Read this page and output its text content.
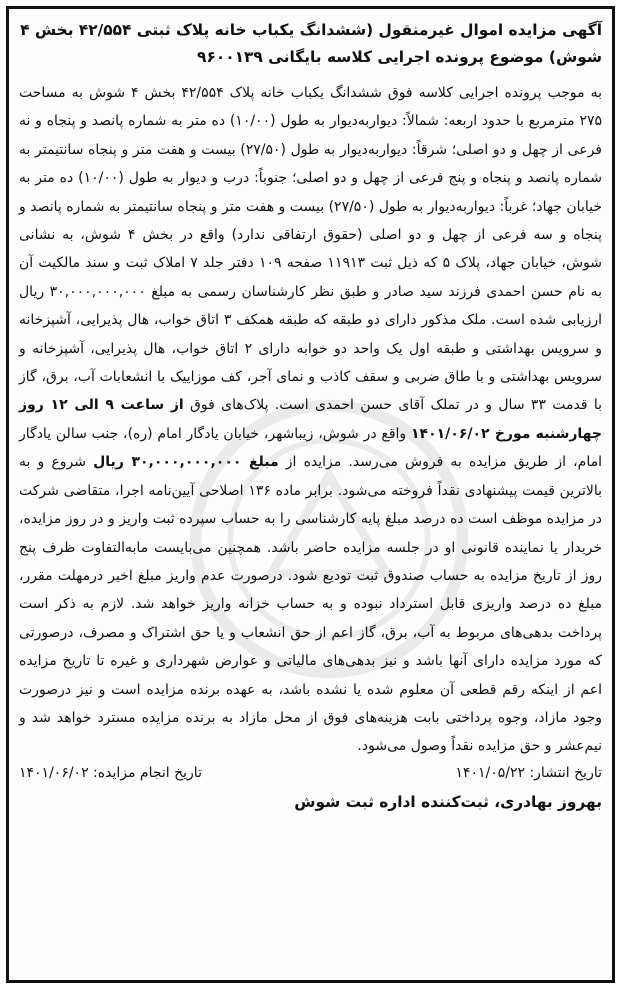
آگهی مزایده اموال غیرمنقول (ششدانگ یکباب خانه پلاک ثبتی ۴۲/۵۵۴ بخش ۴ شوش) موضوع پرونده اجرایی کلاسه بایگانی ۹۶۰۰۱۳۹

به موجب پرونده اجرایی کلاسه فوق ششدانگ یکباب خانه پلاک ۴۲/۵۵۴ بخش ۴ شوش به مساحت ۲۷۵ مترمربع با حدود اربعه: شمالاً: دیواربه‌دیوار به طول (۱۰/۰۰) ده متر به شماره پانصد و پنجاه و نه فرعی از چهل و دو اصلی؛ شرقاً: دیواربه‌دیوار به طول (۲۷/۵۰) بیست و هفت متر و پنجاه سانتیمتر به شماره پانصد و پنجاه و پنج فرعی از چهل و دو اصلی؛ جنوباً: درب و دیوار به طول (۱۰/۰۰) ده متر به خیابان جهاد؛ غرباً: دیواربه‌دیوار به طول (۲۷/۵۰) بیست و هفت متر و پنجاه سانتیمتر به شماره پانصد و پنجاه و سه فرعی از چهل و دو اصلی (حقوق ارتفاقی ندارد) واقع در بخش ۴ شوش، به نشانی شوش، خیابان جهاد، پلاک ۵ که ذیل ثبت ۱۱۹۱۳ صفحه ۱۰۹ دفتر جلد ۷ املاک ثبت و سند مالکیت آن به نام حسن احمدی فرزند سید صادر و طبق نظر کارشناسان رسمی به مبلغ ۳۰,۰۰۰,۰۰۰,۰۰۰ ریال ارزیابی شده است. ملک مذکور دارای دو طبقه که طبقه همکف ۳ اتاق خواب، هال پذیرایی، آشپزخانه و سرویس بهداشتی و طبقه اول یک واحد دو خوابه دارای ۲ اتاق خواب، هال پذیرایی، آشپزخانه و سرویس بهداشتی و با طاق ضربی و سقف کاذب و نمای آجر، کف موزاییک با انشعابات آب، برق، گاز با قدمت ۳۳ سال و در تملک آقای حسن احمدی است. پلاک‌های فوق از ساعت ۹ الی ۱۲ روز چهارشنبه مورخ ۱۴۰۱/۰۶/۰۲ واقع در شوش، زیباشهر، خیابان یادگار امام (ره)، جنب سالن یادگار امام، از طریق مزایده به فروش می‌رسد. مزایده از مبلغ ۳۰,۰۰۰,۰۰۰,۰۰۰ ریال شروع و به بالاترین قیمت پیشنهادی نقداً فروخته می‌شود. برابر ماده ۱۳۶ اصلاحی آیین‌نامه اجرا، متقاضی شرکت در مزایده موظف است ده درصد مبلغ پایه کارشناسی را به حساب سپرده ثبت واریز و در روز مزایده، خریدار یا نماینده قانونی او در جلسه مزایده حاضر باشد. همچنین می‌بایست مابه‌التفاوت ظرف پنج روز از تاریخ مزایده به حساب صندوق ثبت تودیع شود. درصورت عدم واریز مبلغ اخیر درمهلت مقرر، مبلغ ده درصد واریزی قابل استرداد نبوده و به حساب خزانه واریز خواهد شد. لازم به ذکر است پرداخت بدهی‌های مربوط به آب، برق، گاز اعم از حق انشعاب و یا حق اشتراک و مصرف، درصورتی که مورد مزایده دارای آنها باشد و نیز بدهی‌های مالیاتی و عوارض شهرداری و غیره تا تاریخ مزایده اعم از اینکه رقم قطعی آن معلوم شده یا نشده باشد، به عهده برنده مزایده است و نیز درصورت وجود مازاد، وجوه پرداختی بابت هزینه‌های فوق از محل مازاد به برنده مزایده مسترد خواهد شد و نیم‌عشر و حق مزایده نقداً وصول می‌شود.

تاریخ انتشار: ۱۴۰۱/۰۵/۲۲
تاریخ انجام مزایده: ۱۴۰۱/۰۶/۰۲
بهروز بهادری، ثبت‌کننده اداره ثبت شوش
